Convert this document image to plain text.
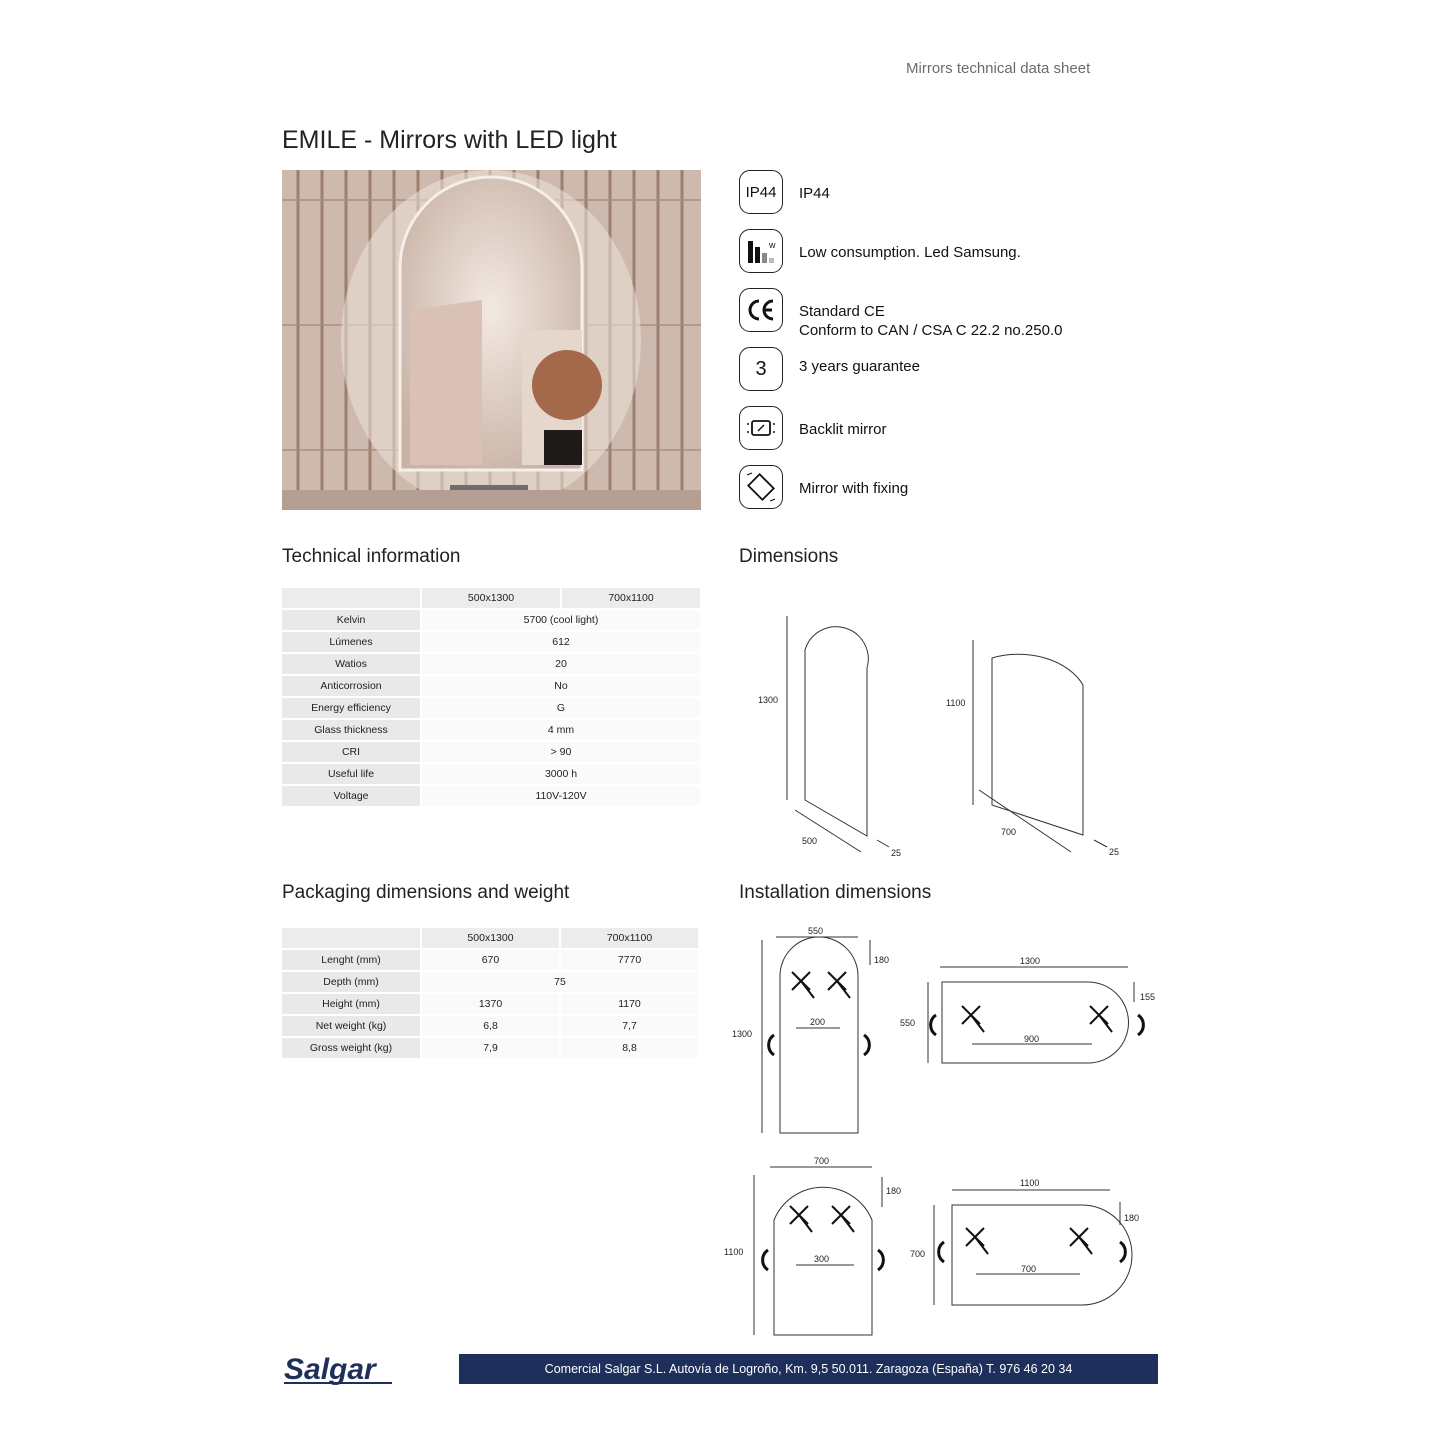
Mirrors technical data sheet
EMILE - Mirrors with LED light
IP44	IP44
w Low consumption. Led Samsung.
Standard CE
Conform to CAN / CSA C 22.2 no.250.0
3	3 years guarantee
Backlit mirror
Mirror with fixing
Technical information	Dimensions
Packaging dimensions and weight	Installation dimensions
	500x1300	700x1100
Kelvin	5700 (cool light)	
Lúmenes	612	
Watios	20	
Anticorrosion	No	
Energy efficiency	G	
Glass thickness	4 mm	
CRI	> 90	
Useful life	3000 h	
Voltage	110V-120V	
	500x1300	700x1100
Lenght (mm)	670	7770
Depth (mm)	75	
Height (mm)	1370	1170
Net weight (kg)	6,8	7,7
Gross weight (kg)	7,9	8,8
1300
500
25
1100
700
25
550
180
1300
200
1300
155
550
900
700
180
1100
300
1100
180
700
700
Salgar	Comercial Salgar S.L. Autovía de Logroño, Km. 9,5 50.011. Zaragoza (España) T. 976 46 20 34
